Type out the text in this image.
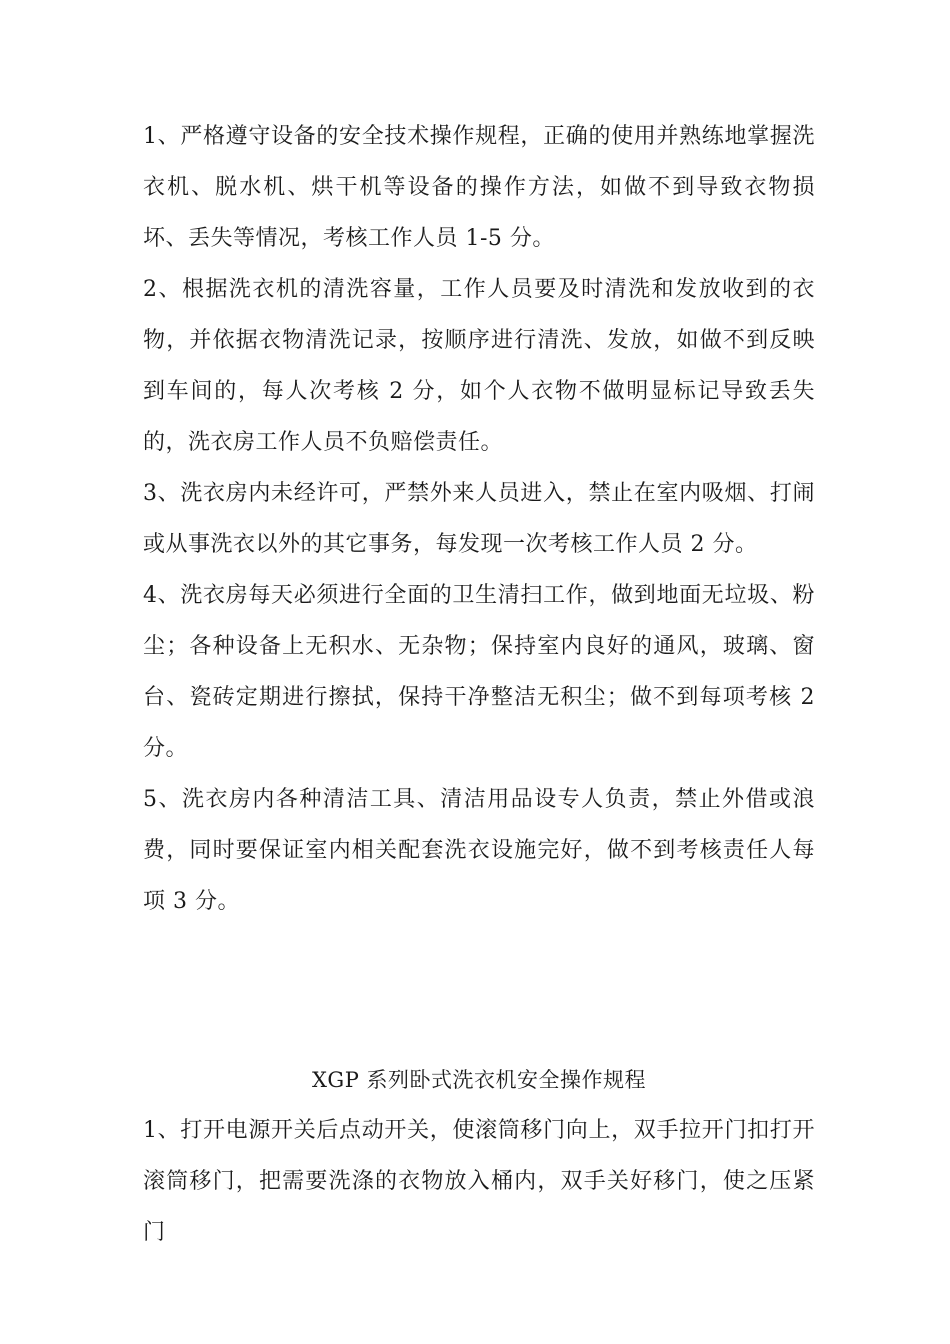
1、严格遵守设备的安全技术操作规程，正确的使用并熟练地掌握洗衣机、脱水机、烘干机等设备的操作方法，如做不到导致衣物损坏、丢失等情况，考核工作人员 1-5 分。

2、根据洗衣机的清洗容量，工作人员要及时清洗和发放收到的衣物，并依据衣物清洗记录，按顺序进行清洗、发放，如做不到反映到车间的，每人次考核 2 分，如个人衣物不做明显标记导致丢失的，洗衣房工作人员不负赔偿责任。

3、洗衣房内未经许可，严禁外来人员进入，禁止在室内吸烟、打闹或从事洗衣以外的其它事务，每发现一次考核工作人员 2 分。

4、洗衣房每天必须进行全面的卫生清扫工作，做到地面无垃圾、粉尘；各种设备上无积水、无杂物；保持室内良好的通风，玻璃、窗台、瓷砖定期进行擦拭，保持干净整洁无积尘；做不到每项考核 2 分。

5、洗衣房内各种清洁工具、清洁用品设专人负责，禁止外借或浪费，同时要保证室内相关配套洗衣设施完好，做不到考核责任人每项 3 分。

XGP 系列卧式洗衣机安全操作规程

1、打开电源开关后点动开关，使滚筒移门向上，双手拉开门扣打开滚筒移门，把需要洗涤的衣物放入桶内，双手关好移门，使之压紧门
